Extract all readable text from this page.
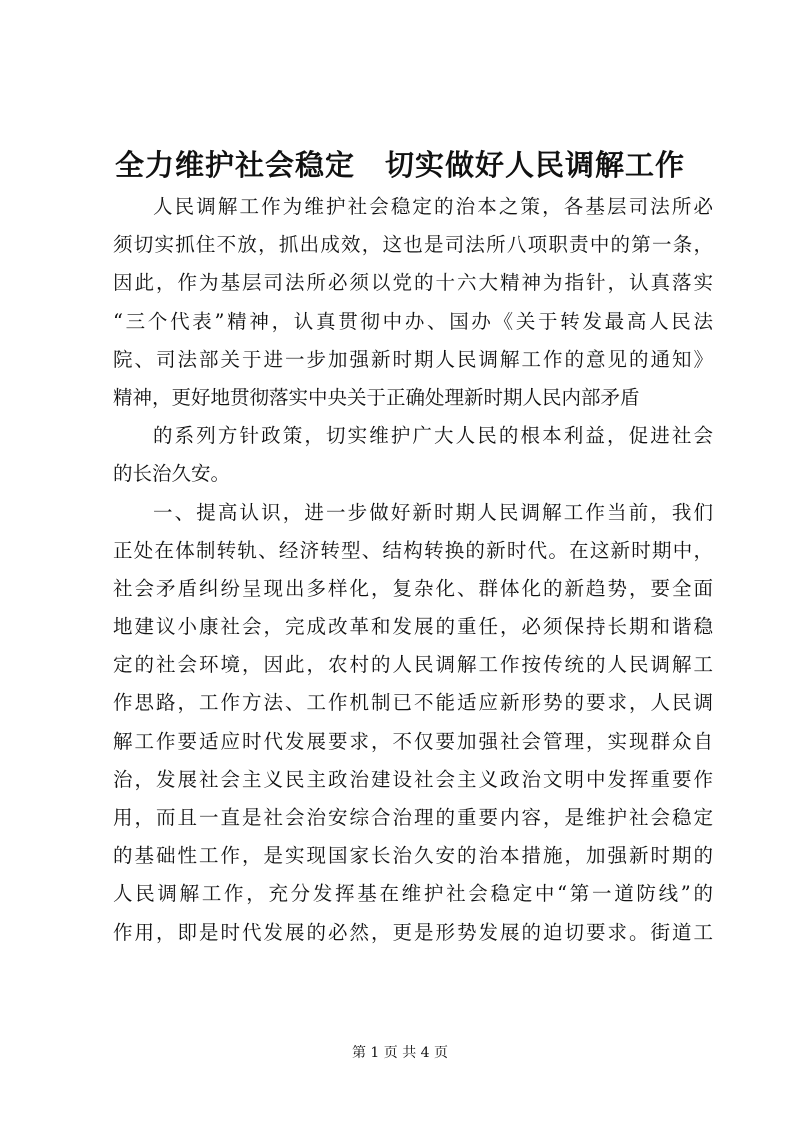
全力维护社会稳定　切实做好人民调解工作
人民调解工作为维护社会稳定的治本之策，各基层司法所必
须切实抓住不放，抓出成效，这也是司法所八项职责中的第一条，
因此，作为基层司法所必须以党的十六大精神为指针，认真落实
“三个代表”精神，认真贯彻中办、国办《关于转发最高人民法
院、司法部关于进一步加强新时期人民调解工作的意见的通知》
精神，更好地贯彻落实中央关于正确处理新时期人民内部矛盾
的系列方针政策，切实维护广大人民的根本利益，促进社会
的长治久安。
一、提高认识，进一步做好新时期人民调解工作当前，我们
正处在体制转轨、经济转型、结构转换的新时代。在这新时期中，
社会矛盾纠纷呈现出多样化，复杂化、群体化的新趋势，要全面
地建议小康社会，完成改革和发展的重任，必须保持长期和谐稳
定的社会环境，因此，农村的人民调解工作按传统的人民调解工
作思路，工作方法、工作机制已不能适应新形势的要求，人民调
解工作要适应时代发展要求，不仅要加强社会管理，实现群众自
治，发展社会主义民主政治建设社会主义政治文明中发挥重要作
用，而且一直是社会治安综合治理的重要内容，是维护社会稳定
的基础性工作，是实现国家长治久安的治本措施，加强新时期的
人民调解工作，充分发挥基在维护社会稳定中“第一道防线”的
作用，即是时代发展的必然，更是形势发展的迫切要求。街道工
第 1 页 共 4 页
